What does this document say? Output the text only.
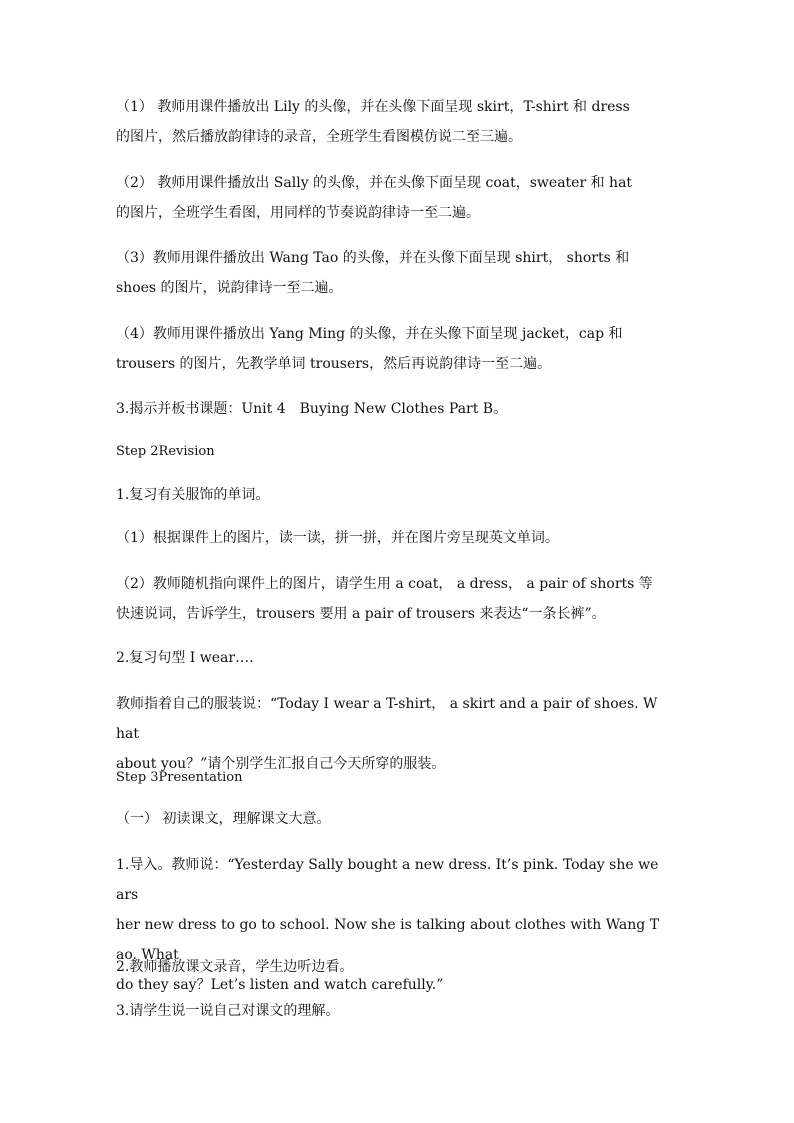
（1） 教师用课件播放出 Lily 的头像，并在头像下面呈现 skirt，T-shirt 和 dress
的图片，然后播放韵律诗的录音，全班学生看图模仿说二至三遍。
（2） 教师用课件播放出 Sally 的头像，并在头像下面呈现 coat，sweater 和 hat
的图片，全班学生看图，用同样的节奏说韵律诗一至二遍。
（3）教师用课件播放出 Wang Tao 的头像，并在头像下面呈现 shirt， shorts 和
shoes 的图片，说韵律诗一至二遍。
（4）教师用课件播放出 Yang Ming 的头像，并在头像下面呈现 jacket，cap 和
trousers 的图片，先教学单词 trousers，然后再说韵律诗一至二遍。
3.揭示并板书课题：Unit 4　Buying New Clothes Part B。
Step 2Revision
1.复习有关服饰的单词。
（1）根据课件上的图片，读一读，拼一拼，并在图片旁呈现英文单词。
（2）教师随机指向课件上的图片，请学生用 a coat， a dress， a pair of shorts 等
快速说词，告诉学生，trousers 要用 a pair of trousers 来表达“一条长裤”。
2.复习句型 I wear….
教师指着自己的服装说：“Today I wear a T-shirt， a skirt and a pair of shoes. What
about you？”请个别学生汇报自己今天所穿的服装。
Step 3Presentation
（一） 初读课文，理解课文大意。
1.导入。教师说：“Yesterday Sally bought a new dress. It’s pink. Today she wears
her new dress to go to school. Now she is talking about clothes with Wang Tao. What
do they say？Let’s listen and watch carefully.”
2.教师播放课文录音，学生边听边看。
3.请学生说一说自己对课文的理解。
